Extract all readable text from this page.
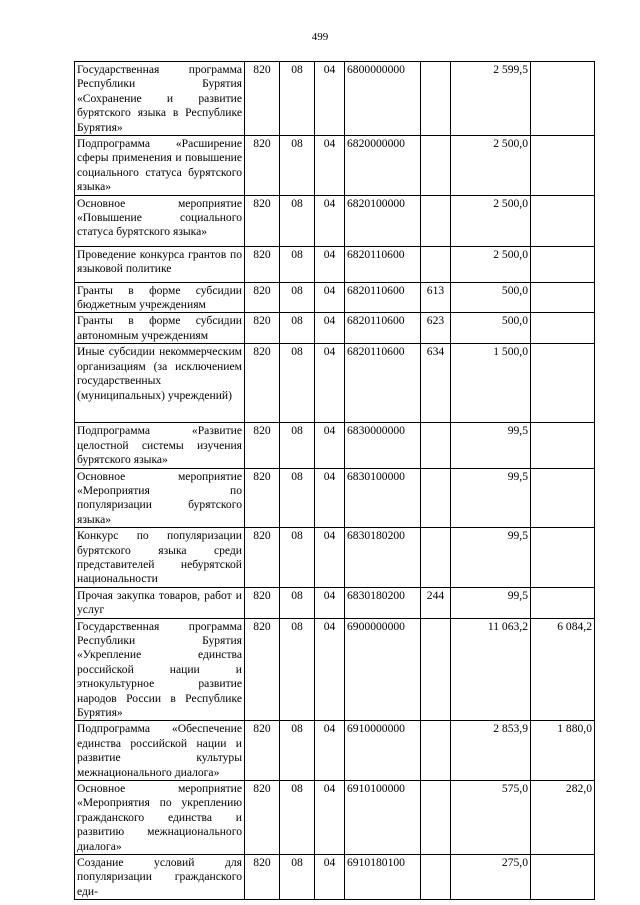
499
Государственная программа Республики Бурятия «Сохранение и развитие бурятского языка в Республике Бурятия»	820	08	04	6800000000		2 599,5	
Подпрограмма «Расширение сферы применения и повышение социального статуса бурятского языка»	820	08	04	6820000000		2 500,0	
Основное мероприятие «Повышение социального статуса бурятского языка»	820	08	04	6820100000		2 500,0	
Проведение конкурса грантов по языковой политике	820	08	04	6820110600		2 500,0	
Гранты в форме субсидии бюджетным учреждениям	820	08	04	6820110600	613	500,0	
Гранты в форме субсидии автономным учреждениям	820	08	04	6820110600	623	500,0	
Иные субсидии некоммерческим организациям (за исключением государственных (муниципальных) учреждений)	820	08	04	6820110600	634	1 500,0	
Подпрограмма «Развитие целостной системы изучения бурятского языка»	820	08	04	6830000000		99,5	
Основное мероприятие «Мероприятия по популяризации бурятского языка»	820	08	04	6830100000		99,5	
Конкурс по популяризации бурятского языка среди представителей небурятской национальности	820	08	04	6830180200		99,5	
Прочая закупка товаров, работ и услуг	820	08	04	6830180200	244	99,5	
Государственная программа Республики Бурятия «Укрепление единства российской нации и этнокультурное развитие народов России в Республике Бурятия»	820	08	04	6900000000		11 063,2	6 084,2
Подпрограмма «Обеспечение единства российской нации и развитие культуры межнационального диалога»	820	08	04	6910000000		2 853,9	1 880,0
Основное мероприятие «Мероприятия по укреплению гражданского единства и развитию межнационального диалога»	820	08	04	6910100000		575,0	282,0
Создание условий для популяризации гражданского еди-	820	08	04	6910180100		275,0	
